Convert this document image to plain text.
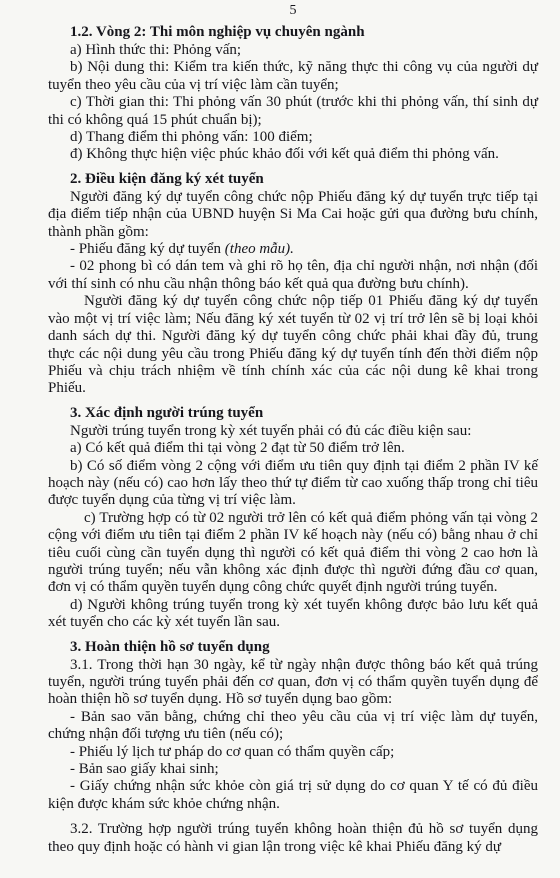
5

1.2. Vòng 2: Thi môn nghiệp vụ chuyên ngành

a) Hình thức thi: Phỏng vấn;

b) Nội dung thi: Kiểm tra kiến thức, kỹ năng thực thi công vụ của người dự tuyển theo yêu cầu của vị trí việc làm cần tuyển;

c) Thời gian thi: Thi phỏng vấn 30 phút (trước khi thi phỏng vấn, thí sinh dự thi có không quá 15 phút chuẩn bị);

d) Thang điểm thi phỏng vấn: 100 điểm;

đ) Không thực hiện việc phúc khảo đối với kết quả điểm thi phỏng vấn.

2. Điều kiện đăng ký xét tuyển

Người đăng ký dự tuyển công chức nộp Phiếu đăng ký dự tuyển trực tiếp tại địa điểm tiếp nhận của UBND huyện Si Ma Cai hoặc gửi qua đường bưu chính, thành phần gồm:

- Phiếu đăng ký dự tuyển (theo mẫu).

- 02 phong bì có dán tem và ghi rõ họ tên, địa chỉ người nhận, nơi nhận (đối với thí sinh có nhu cầu nhận thông báo kết quả qua đường bưu chính).

Người đăng ký dự tuyển công chức nộp tiếp 01 Phiếu đăng ký dự tuyển vào một vị trí việc làm; Nếu đăng ký xét tuyển từ 02 vị trí trở lên sẽ bị loại khỏi danh sách dự thi. Người đăng ký dự tuyển công chức phải khai đầy đủ, trung thực các nội dung yêu cầu trong Phiếu đăng ký dự tuyển tính đến thời điểm nộp Phiếu và chịu trách nhiệm về tính chính xác của các nội dung kê khai trong Phiếu.

3. Xác định người trúng tuyển

Người trúng tuyển trong kỳ xét tuyển phải có đủ các điều kiện sau:

a) Có kết quả điểm thi tại vòng 2 đạt từ 50 điểm trở lên.

b) Có số điểm vòng 2 cộng với điểm ưu tiên quy định tại điểm 2 phần IV kế hoạch này (nếu có) cao hơn lấy theo thứ tự điểm từ cao xuống thấp trong chỉ tiêu được tuyển dụng của từng vị trí việc làm.

c) Trường hợp có từ 02 người trở lên có kết quả điểm phỏng vấn tại vòng 2 cộng với điểm ưu tiên tại điểm 2 phần IV kế hoạch này (nếu có) bằng nhau ở chỉ tiêu cuối cùng cần tuyển dụng thì người có kết quả điểm thi vòng 2 cao hơn là người trúng tuyển; nếu vẫn không xác định được thì người đứng đầu cơ quan, đơn vị có thẩm quyền tuyển dụng công chức quyết định người trúng tuyển.

d) Người không trúng tuyển trong kỳ xét tuyển không được bảo lưu kết quả xét tuyển cho các kỳ xét tuyển lần sau.

3. Hoàn thiện hồ sơ tuyển dụng

3.1. Trong thời hạn 30 ngày, kể từ ngày nhận được thông báo kết quả trúng tuyển, người trúng tuyển phải đến cơ quan, đơn vị có thẩm quyền tuyển dụng để hoàn thiện hồ sơ tuyển dụng. Hồ sơ tuyển dụng bao gồm:

- Bản sao văn bằng, chứng chỉ theo yêu cầu của vị trí việc làm dự tuyển, chứng nhận đối tượng ưu tiên (nếu có);

- Phiếu lý lịch tư pháp do cơ quan có thẩm quyền cấp;

- Bản sao giấy khai sinh;

- Giấy chứng nhận sức khỏe còn giá trị sử dụng do cơ quan Y tế có đủ điều kiện được khám sức khỏe chứng nhận.

3.2. Trường hợp người trúng tuyển không hoàn thiện đủ hồ sơ tuyển dụng theo quy định hoặc có hành vi gian lận trong việc kê khai Phiếu đăng ký dự
